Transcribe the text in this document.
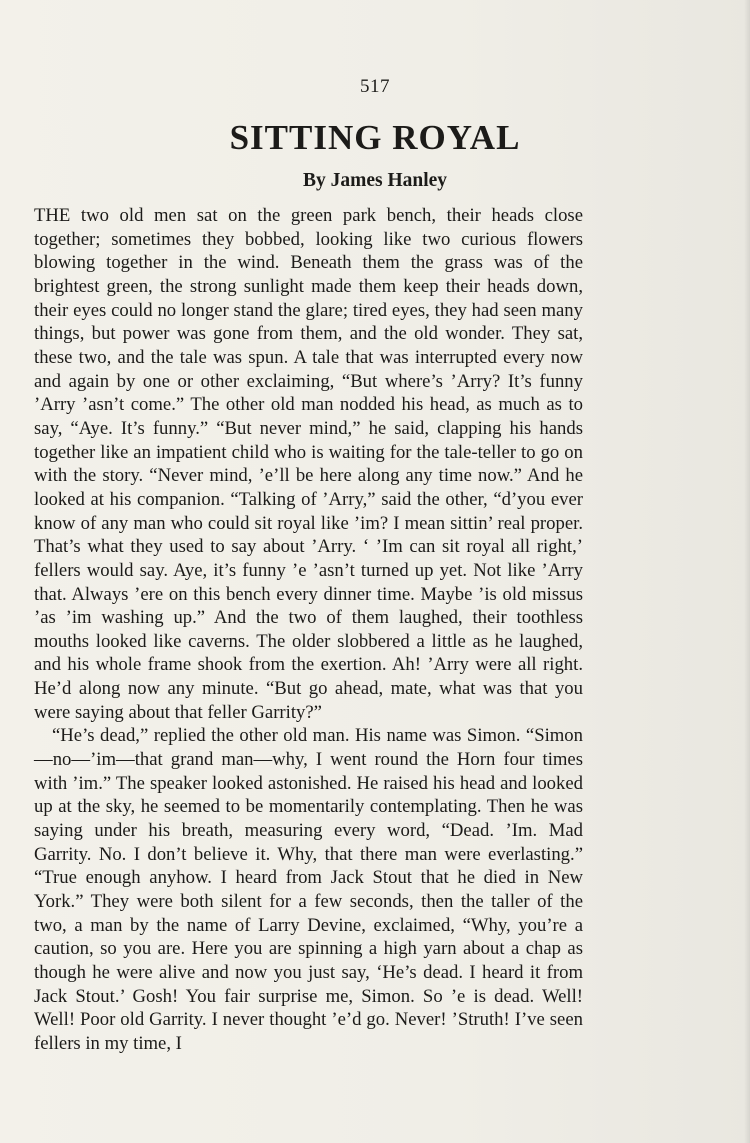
517
SITTING ROYAL
By James Hanley

THE two old men sat on the green park bench, their heads close together; sometimes they bobbed, looking like two curious flowers blowing together in the wind. Beneath them the grass was of the brightest green, the strong sunlight made them keep their heads down, their eyes could no longer stand the glare; tired eyes, they had seen many things, but power was gone from them, and the old wonder. They sat, these two, and the tale was spun. A tale that was interrupted every now and again by one or other exclaiming, “But where’s ’Arry? It’s funny ’Arry ’asn’t come.” The other old man nodded his head, as much as to say, “Aye. It’s funny.” “But never mind,” he said, clapping his hands together like an impatient child who is waiting for the tale-teller to go on with the story. “Never mind, ’e’ll be here along any time now.” And he looked at his companion. “Talking of ’Arry,” said the other, “d’you ever know of any man who could sit royal like ’im? I mean sittin’ real proper. That’s what they used to say about ’Arry. ‘ ’Im can sit royal all right,’ fellers would say. Aye, it’s funny ’e ’asn’t turned up yet. Not like ’Arry that. Always ’ere on this bench every dinner time. Maybe ’is old missus ’as ’im washing up.” And the two of them laughed, their toothless mouths looked like caverns. The older slobbered a little as he laughed, and his whole frame shook from the exertion. Ah! ’Arry were all right. He’d along now any minute. “But go ahead, mate, what was that you were saying about that feller Garrity?”

“He’s dead,” replied the other old man. His name was Simon. “Simon—no—’im—that grand man—why, I went round the Horn four times with ’im.” The speaker looked astonished. He raised his head and looked up at the sky, he seemed to be momentarily contemplating. Then he was saying under his breath, measuring every word, “Dead. ’Im. Mad Garrity. No. I don’t believe it. Why, that there man were everlasting.” “True enough anyhow. I heard from Jack Stout that he died in New York.” They were both silent for a few seconds, then the taller of the two, a man by the name of Larry Devine, exclaimed, “Why, you’re a caution, so you are. Here you are spinning a high yarn about a chap as though he were alive and now you just say, ‘He’s dead. I heard it from Jack Stout.’ Gosh! You fair surprise me, Simon. So ’e is dead. Well! Well! Poor old Garrity. I never thought ’e’d go. Never! ’Struth! I’ve seen fellers in my time, I
